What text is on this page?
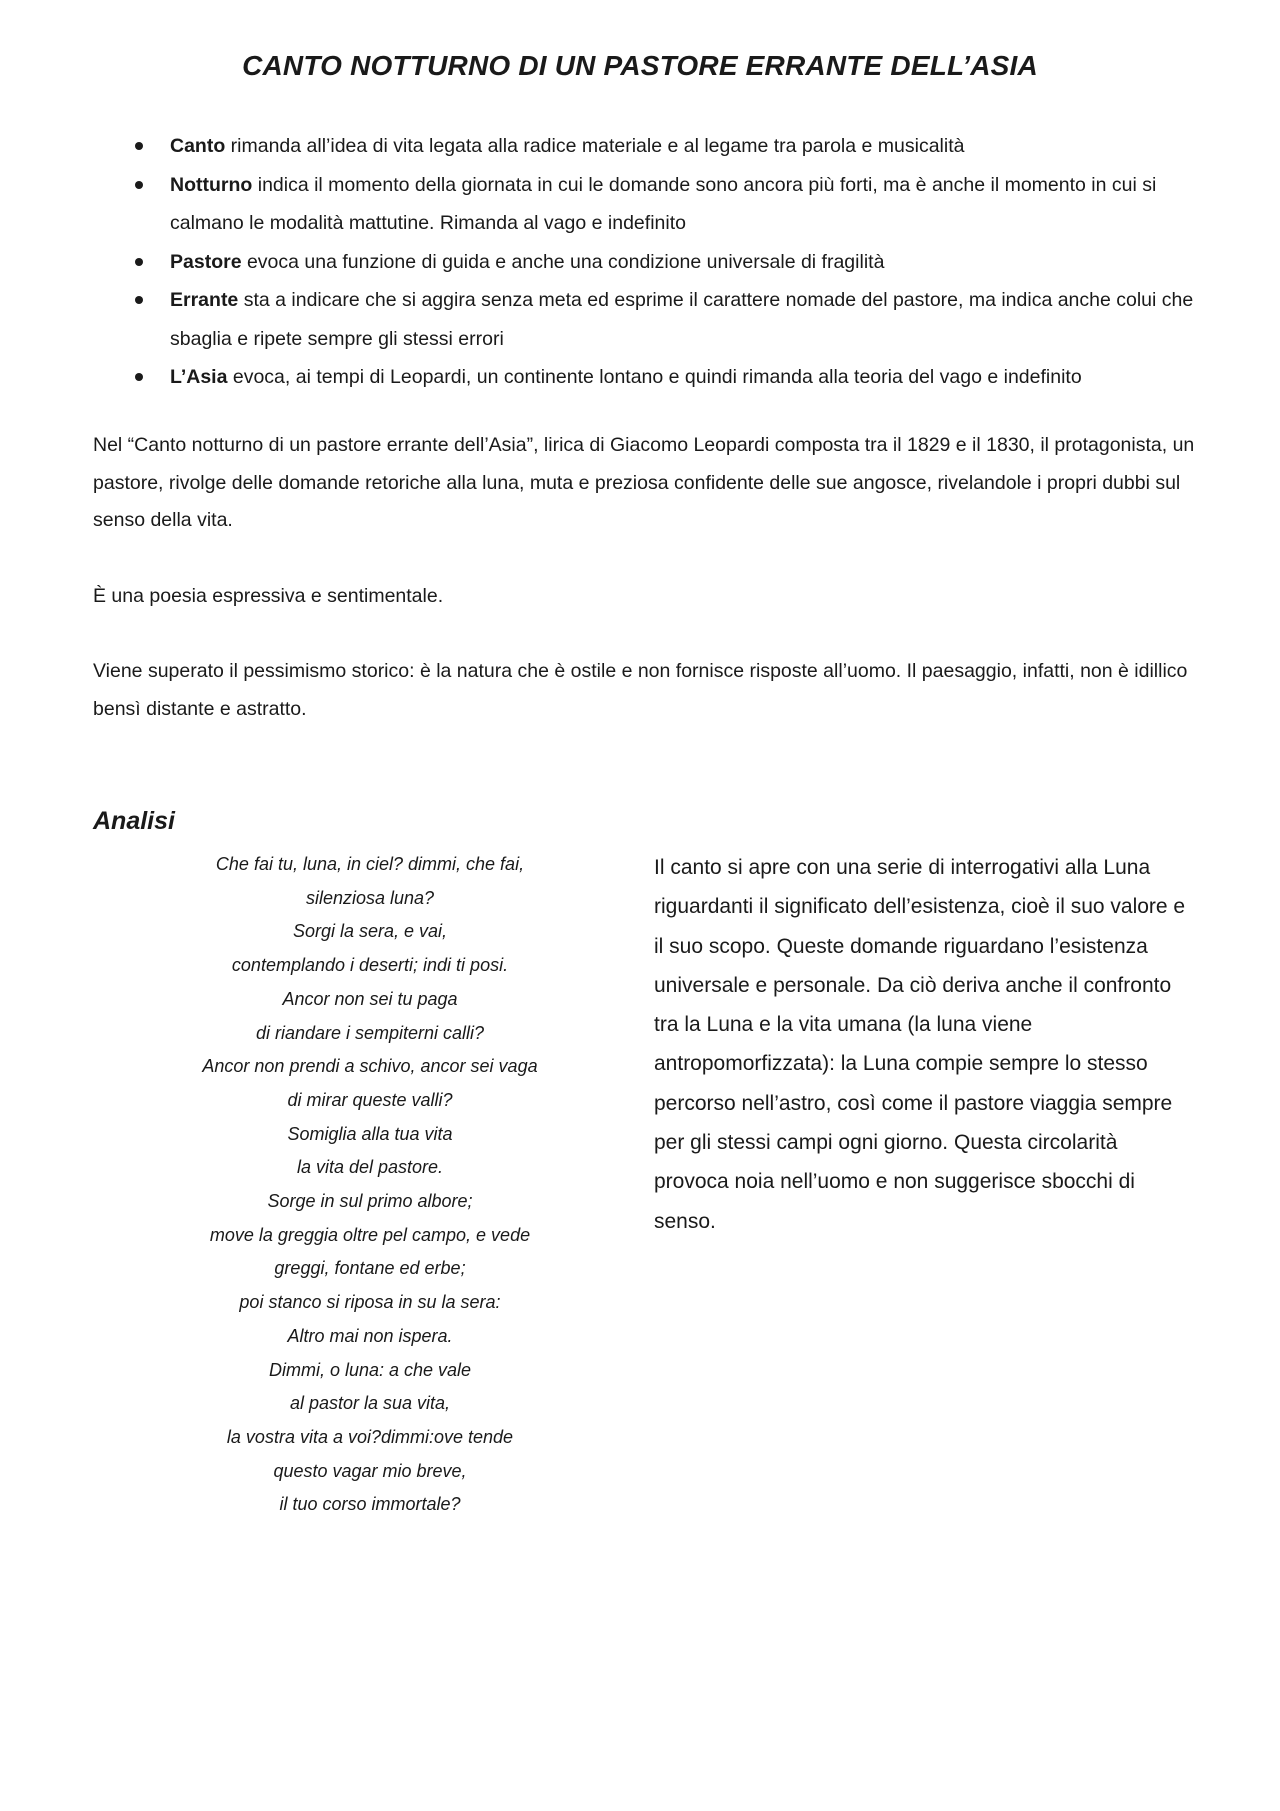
CANTO NOTTURNO DI UN PASTORE ERRANTE DELL’ASIA
Canto rimanda all’idea di vita legata alla radice materiale e al legame tra parola e musicalità
Notturno indica il momento della giornata in cui le domande sono ancora più forti, ma è anche il momento in cui si calmano le modalità mattutine. Rimanda al vago e indefinito
Pastore evoca una funzione di guida e anche una condizione universale di fragilità
Errante sta a indicare che si aggira senza meta ed esprime il carattere nomade del pastore, ma indica anche colui che sbaglia e ripete sempre gli stessi errori
L’Asia evoca, ai tempi di Leopardi, un continente lontano e quindi rimanda alla teoria del vago e indefinito

Nel “Canto notturno di un pastore errante dell’Asia”, lirica di Giacomo Leopardi composta tra il 1829 e il 1830, il protagonista, un pastore, rivolge delle domande retoriche alla luna, muta e preziosa confidente delle sue angosce, rivelandole i propri dubbi sul senso della vita.

È una poesia espressiva e sentimentale.

Viene superato il pessimismo storico: è la natura che è ostile e non fornisce risposte all’uomo. Il paesaggio, infatti, non è idillico bensì distante e astratto.

Analisi
Che fai tu, luna, in ciel? dimmi, che fai,
silenziosa luna?
Sorgi la sera, e vai,
contemplando i deserti; indi ti posi.
Ancor non sei tu paga
di riandare i sempiterni calli?
Ancor non prendi a schivo, ancor sei vaga
di mirar queste valli?
Somiglia alla tua vita
la vita del pastore.
Sorge in sul primo albore;
move la greggia oltre pel campo, e vede
greggi, fontane ed erbe;
poi stanco si riposa in su la sera:
Altro mai non ispera.
Dimmi, o luna: a che vale
al pastor la sua vita,
la vostra vita a voi?dimmi:ove tende
questo vagar mio breve,
il tuo corso immortale?

Il canto si apre con una serie di interrogativi alla Luna riguardanti il significato dell’esistenza, cioè il suo valore e il suo scopo. Queste domande riguardano l’esistenza universale e personale. Da ciò deriva anche il confronto tra la Luna e la vita umana (la luna viene antropomorfizzata): la Luna compie sempre lo stesso percorso nell’astro, così come il pastore viaggia sempre per gli stessi campi ogni giorno. Questa circolarità provoca noia nell’uomo e non suggerisce sbocchi di senso.
